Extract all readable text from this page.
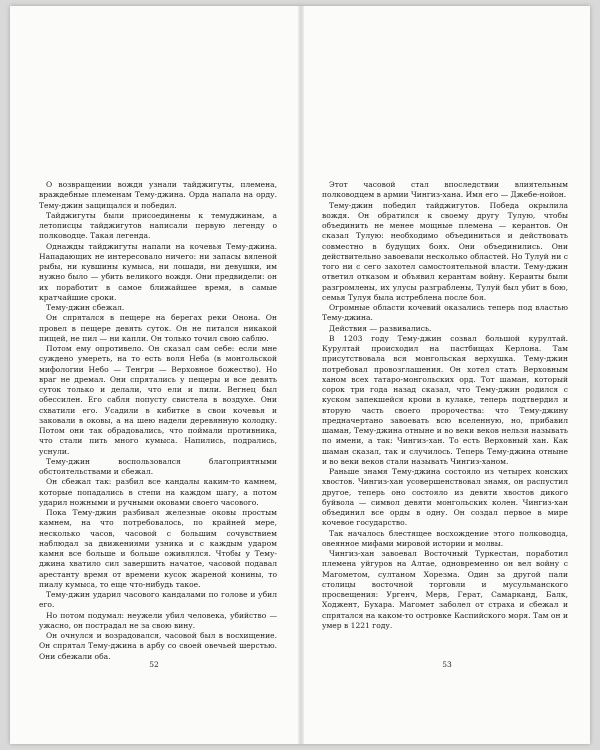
О возвращении вождя узнали тайджигуты, племена, враждебные племенам Тему-джина. Орда напала на орду. Тему-джин защищался и победил.

Тайджигуты были присоединены к темуджинам, а летописцы тайджигутов написали первую легенду о полководце. Такая легенда.

Однажды тайджигуты напали на кочевья Тему-джина. Нападающих не интересовало ничего: ни запасы вяленой рыбы, ни кувшины кумыса, ни лошади, ни девушки, им нужно было — убить великого вождя. Они предвидели: он их поработит в самое ближайшее время, в самые кратчайшие сроки.

Тему-джин сбежал.

Он спрятался в пещере на берегах реки Онона. Он провел в пещере девять суток. Он не питался никакой пищей, не пил — ни капли. Он только точил свою саблю.

Потом ему опротивело. Он сказал сам себе: если мне суждено умереть, на то есть воля Неба (в монгольской мифологии Небо — Тенгри — Верховное божество). Но враг не дремал. Они спрятались у пещеры и все девять суток только и делали, что ели и пили. Вегнец был обессилен. Его сабля попусту свистела в воздухе. Они схватили его. Усадили в кибитке в свои кочевья и заковали в оковы, а на шею надели деревянную колодку. Потом они так обрадовались, что поймали противника, что стали пить много кумыса. Напились, подрались, уснули.

Тему-джин воспользовался благоприятными обстоятельствами и сбежал.

Он сбежал так: разбил все кандалы каким-то камнем, которые попадались в степи на каждом шагу, а потом ударил ножными и ручными оковами своего часового.

Пока Тему-джин разбивал железные оковы простым камнем, на что потребовалось, по крайней мере, несколько часов, часовой с большим сочувствием наблюдал за движениями узника и с каждым ударом камня все больше и больше оживлялся. Чтобы у Тему-джина хватило сил завершить начатое, часовой подавал арестанту время от времени кусок жареной конины, то пиалу кумыса, то еще что-нибудь такое.

Тему-джин ударил часового кандалами по голове и убил его.

Но потом подумал: неужели убил человека, убийство — ужасно, он пострадал не за свою вину.

Он очнулся и возрадовался, часовой был в восхищение. Он спрятал Тему-джина в арбу со своей овечьей шерстью. Они сбежали оба.

52

Этот часовой стал впоследствии влиятельным полководцем в армии Чингиз-хана. Имя его — Джебе-нойон.

Тему-джин победил тайджигутов. Победа окрылила вождя. Он обратился к своему другу Тулую, чтобы объединить не менее мощные племена — керантов. Он сказал Тулую: необходимо объединиться и действовать совместно в будущих боях. Они объединились. Они действительно завоевали несколько областей. Но Тулуй ни с того ни с сего захотел самостоятельной власти. Тему-джин ответил отказом и объявил керантам войну. Кераиты были разгромлены, их улусы разграблены, Тулуй был убит в бою, семья Тулуя была истреблена после боя.

Огромные области кочевий оказались теперь под властью Тему-джина.

Действия — развивались.

В 1203 году Тему-джин созвал большой курултай. Курултай происходил на пастбищах Керлона. Там присутствовала вся монгольская верхушка. Тему-джин потребовал провозглашения. Он хотел стать Верховным ханом всех татаро-монгольских орд. Тот шаман, который сорок три года назад сказал, что Тему-джин родился с куском запекшейся крови в кулаке, теперь подтвердил и вторую часть своего пророчества: что Тему-джину предначертано завоевать всю вселенную, но, прибавил шаман, Тему-джина отныне и во веки веков нельзя называть по имени, а так: Чингиз-хан. То есть Верховный хан. Как шаман сказал, так и случилось. Теперь Тему-джина отныне и во веки веков стали называть Чингиз-ханом.

Раньше знамя Тему-джина состояло из четырех конских хвостов. Чингиз-хан усовершенствовал знамя, он распустил другое, теперь оно состояло из девяти хвостов дикого буйвола — символ девяти монгольских колен. Чингиз-хан объединил все орды в одну. Он создал первое в мире кочевое государство.

Так началось блестящее восхождение этого полководца, овеянное мифами мировой истории и молвы.

Чингиз-хан завоевал Восточный Туркестан, поработил племена уйгуров на Алтае, одновременно он вел войну с Магометом, султаном Хорезма. Один за другой пали столицы восточной торговли и мусульманского просвещения: Ургенч, Мерв, Герат, Самарканд, Балк, Ходжент, Бухара. Магомет заболел от страха и сбежал и спрятался на каком-то островке Каспийского моря. Там он и умер в 1221 году.

53
